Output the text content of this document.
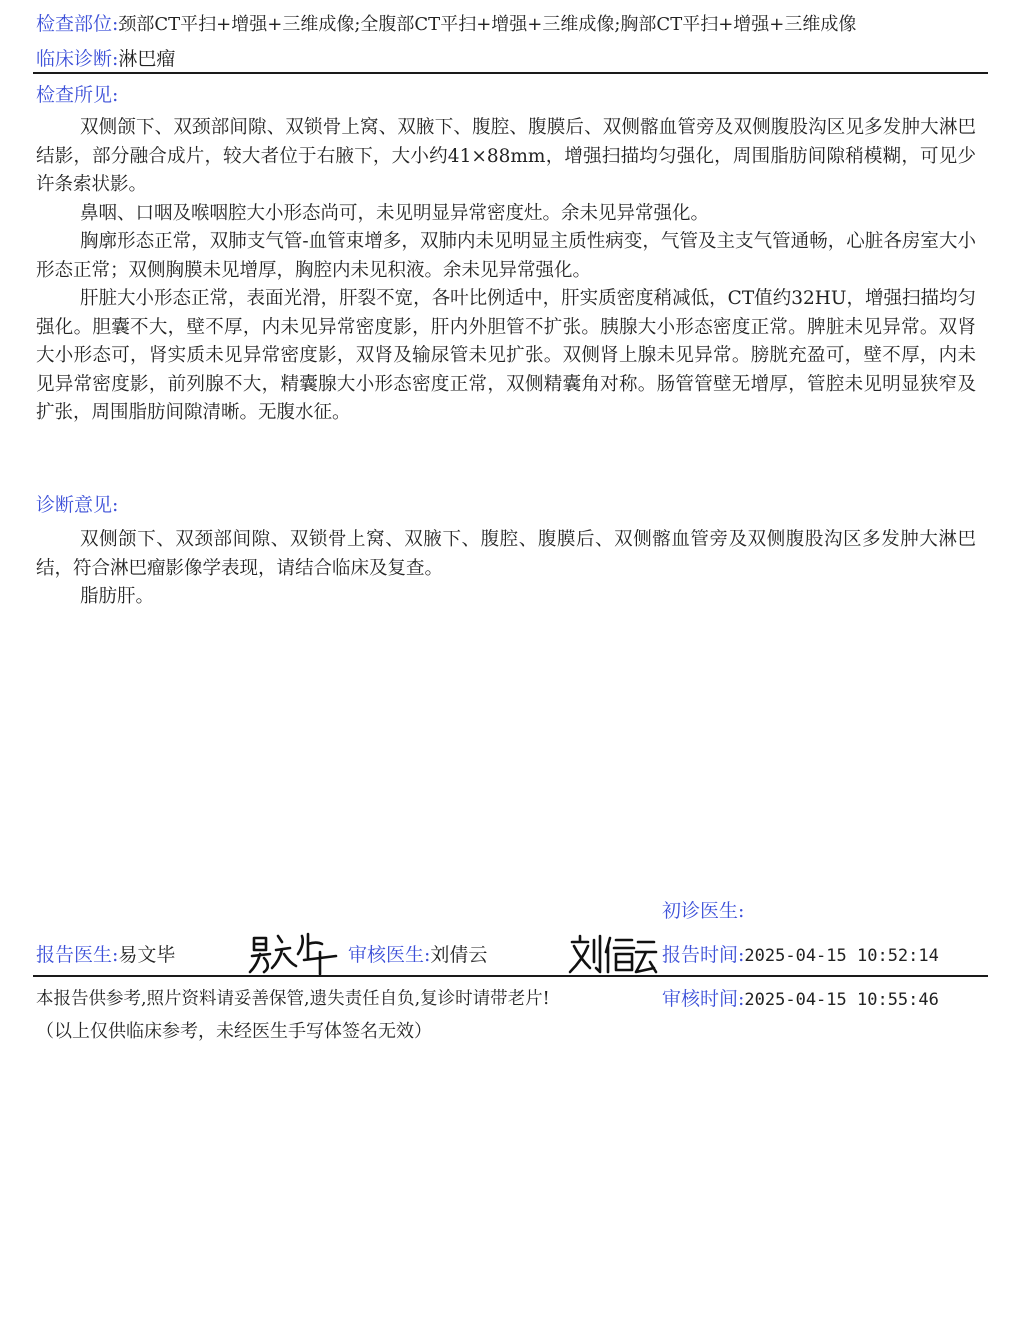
检查部位:颈部CT平扫+增强+三维成像;全腹部CT平扫+增强+三维成像;胸部CT平扫+增强+三维成像
临床诊断:淋巴瘤
检查所见:
双侧颌下、双颈部间隙、双锁骨上窝、双腋下、腹腔、腹膜后、双侧髂血管旁及双侧腹股沟区见多发肿大淋巴结影，部分融合成片，较大者位于右腋下，大小约41×88mm，增强扫描均匀强化，周围脂肪间隙稍模糊，可见少许条索状影。
鼻咽、口咽及喉咽腔大小形态尚可，未见明显异常密度灶。余未见异常强化。
胸廓形态正常，双肺支气管-血管束增多，双肺内未见明显主质性病变，气管及主支气管通畅，心脏各房室大小形态正常；双侧胸膜未见增厚，胸腔内未见积液。余未见异常强化。
肝脏大小形态正常，表面光滑，肝裂不宽，各叶比例适中，肝实质密度稍减低，CT值约32HU，增强扫描均匀强化。胆囊不大，壁不厚，内未见异常密度影，肝内外胆管不扩张。胰腺大小形态密度正常。脾脏未见异常。双肾大小形态可，肾实质未见异常密度影，双肾及输尿管未见扩张。双侧肾上腺未见异常。膀胱充盈可，壁不厚，内未见异常密度影，前列腺不大，精囊腺大小形态密度正常，双侧精囊角对称。肠管管壁无增厚，管腔未见明显狭窄及扩张，周围脂肪间隙清晰。无腹水征。
诊断意见:
双侧颌下、双颈部间隙、双锁骨上窝、双腋下、腹腔、腹膜后、双侧髂血管旁及双侧腹股沟区多发肿大淋巴结，符合淋巴瘤影像学表现，请结合临床及复查。
脂肪肝。
初诊医生:
报告医生:易文毕	审核医生:刘倩云	报告时间:2025-04-15 10:52:14
本报告供参考,照片资料请妥善保管,遗失责任自负,复诊时请带老片!	审核时间:2025-04-15 10:55:46
（以上仅供临床参考，未经医生手写体签名无效）
